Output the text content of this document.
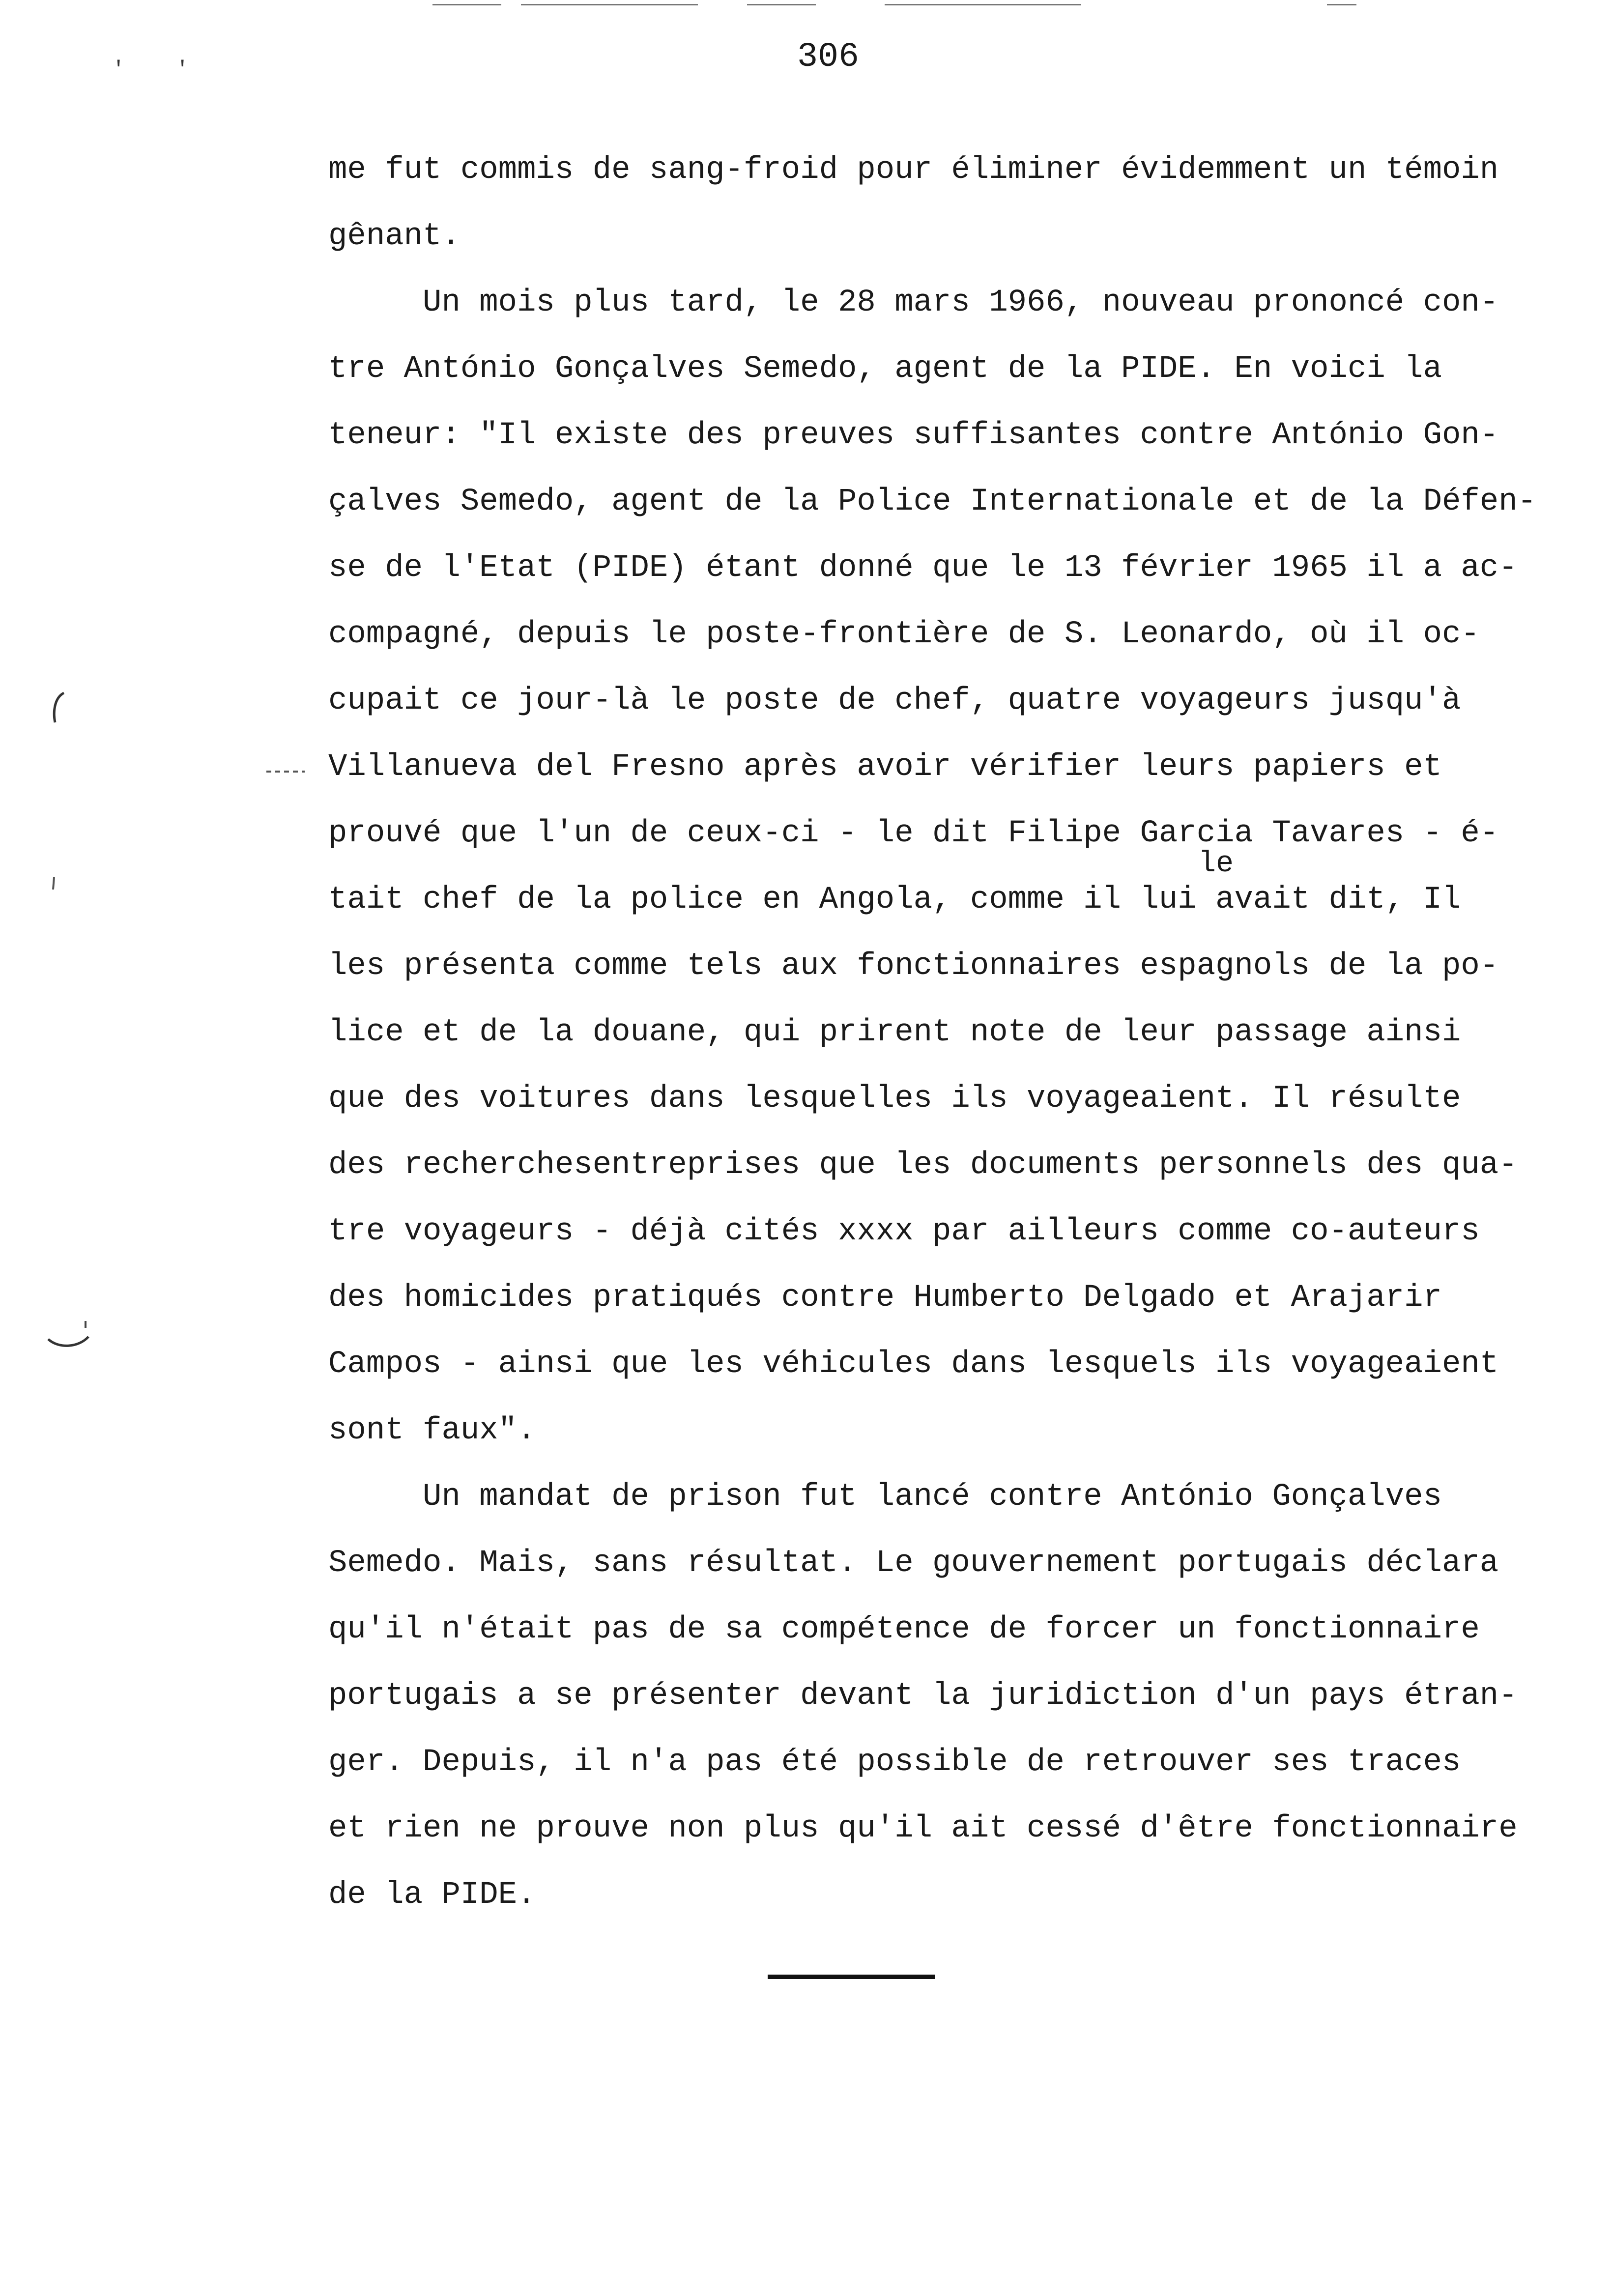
' '	306
me fut commis de sang-froid pour éliminer évidemment un témoin
gênant.
Un mois plus tard, le 28 mars 1966, nouveau prononcé con-
tre António Gonçalves Semedo, agent de la PIDE. En voici la
teneur: "Il existe des preuves suffisantes contre António Gon-
çalves Semedo, agent de la Police Internationale et de la Défen-
se de l'Etat (PIDE) étant donné que le 13 février 1965 il a ac-
compagné, depuis le poste-frontière de S. Leonardo, où il oc-
cupait ce jour-là le poste de chef, quatre voyageurs jusqu'à
Villanueva del Fresno après avoir vérifier leurs papiers et
prouvé que l'un de ceux-ci - le dit Filipe Garcia Tavares - é-
le
tait chef de la police en Angola, comme il lui avait dit, Il
les présenta comme tels aux fonctionnaires espagnols de la po-
lice et de la douane, qui prirent note de leur passage ainsi
que des voitures dans lesquelles ils voyageaient. Il résulte
des recherchesentreprises que les documents personnels des qua-
tre voyageurs - déjà cités xxxx par ailleurs comme co-auteurs
des homicides pratiqués contre Humberto Delgado et Arajarir
Campos - ainsi que les véhicules dans lesquels ils voyageaient
sont faux".
Un mandat de prison fut lancé contre António Gonçalves
Semedo. Mais, sans résultat. Le gouvernement portugais déclara
qu'il n'était pas de sa compétence de forcer un fonctionnaire
portugais a se présenter devant la juridiction d'un pays étran-
ger. Depuis, il n'a pas été possible de retrouver ses traces
et rien ne prouve non plus qu'il ait cessé d'être fonctionnaire
de la PIDE.
